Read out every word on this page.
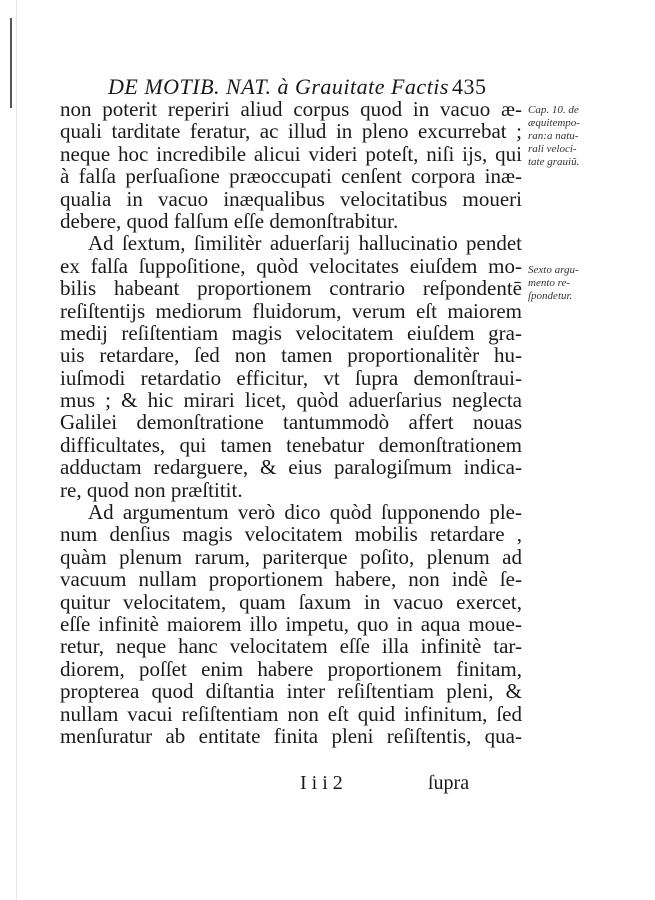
DE MOTIB. NAT. à Grauitate Factis 435
non poterit reperiri aliud corpus quod in vacuo æ-
quali tarditate feratur, ac illud in pleno excurrebat ;
neque hoc incredibile alicui videri poteſt, niſi ijs, qui
à falſa perſuaſione præoccupati cenſent corpora inæ-
qualia in vacuo inæqualibus velocitatibus moueri
debere, quod falſum eſſe demonſtrabitur.
Ad ſextum, ſimilitèr aduerſarij hallucinatio pendet
ex falſa ſuppoſitione, quòd velocitates eiuſdem mo-
bilis habeant proportionem contrario reſpondentē
reſiſtentijs mediorum fluidorum, verum eſt maiorem
medij reſiſtentiam magis velocitatem eiuſdem gra-
uis retardare, ſed non tamen proportionalitèr hu-
iuſmodi retardatio efficitur, vt ſupra demonſtraui-
mus ; & hic mirari licet, quòd aduerſarius neglecta
Galilei demonſtratione tantummodò affert nouas
difficultates, qui tamen tenebatur demonſtrationem
adductam redarguere, & eius paralogiſmum indica-
re, quod non præſtitit.
Ad argumentum verò dico quòd ſupponendo ple-
num denſius magis velocitatem mobilis retardare ,
quàm plenum rarum, pariterque poſito, plenum ad
vacuum nullam proportionem habere, non indè ſe-
quitur velocitatem, quam ſaxum in vacuo exercet,
eſſe infinitè maiorem illo impetu, quo in aqua moue-
retur, neque hanc velocitatem eſſe illa infinitè tar-
diorem, poſſet enim habere proportionem finitam,
propterea quod diſtantia inter reſiſtentiam pleni, &
nullam vacui reſiſtentiam non eſt quid infinitum, ſed
menſuratur ab entitate finita pleni reſiſtentis, qua-
Cap. 10. de
æquitempo-
ran:a natu-
rali veloci-
tate grauiũ.
Sexto argu-
mento re-
ſpondetur.
I i i 2	ſupra
